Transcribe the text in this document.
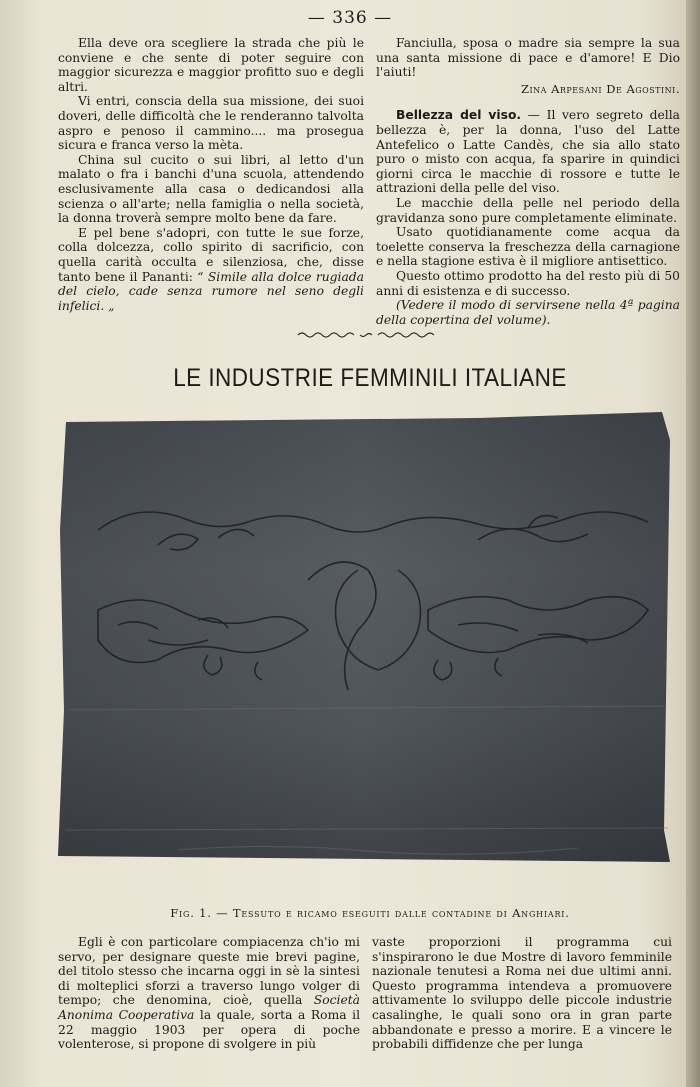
— 336 —

Ella deve ora scegliere la strada che più le conviene e che sente di poter seguire con maggior sicurezza e maggior profitto suo e degli altri.

Vi entri, conscia della sua missione, dei suoi doveri, delle difficoltà che le renderanno talvolta aspro e penoso il cammino.... ma prosegua sicura e franca verso la mèta.

China sul cucito o sui libri, al letto d'un malato o fra i banchi d'una scuola, attendendo esclusivamente alla casa o dedicandosi alla scienza o all'arte; nella famiglia o nella società, la donna troverà sempre molto bene da fare.

E pel bene s'adopri, con tutte le sue forze, colla dolcezza, collo spirito di sacrificio, con quella carità occulta e silenziosa, che, disse tanto bene il Pananti: “ Simile alla dolce rugiada del cielo, cade senza rumore nel seno degli infelici. „

Fanciulla, sposa o madre sia sempre la sua una santa missione di pace e d'amore! E Dio l'aiuti!

Zina Arpesani De Agostini.

Bellezza del viso. — Il vero segreto della bellezza è, per la donna, l'uso del Latte Antefelico o Latte Candès, che sia allo stato puro o misto con acqua, fa sparire in quindici giorni circa le macchie di rossore e tutte le attrazioni della pelle del viso.

Le macchie della pelle nel periodo della gravidanza sono pure completamente eliminate.

Usato quotidianamente come acqua da toelette conserva la freschezza della carnagione e nella stagione estiva è il migliore antisettico.

Questo ottimo prodotto ha del resto più di 50 anni di esistenza e di successo.

(Vedere il modo di servirsene nella 4ª pagina della copertina del volume).

LE INDUSTRIE FEMMINILI ITALIANE
Fig. 1. — Tessuto e ricamo eseguiti dalle contadine di Anghiari.

Egli è con particolare compiacenza ch'io mi servo, per designare queste mie brevi pagine, del titolo stesso che incarna oggi in sè la sintesi di molteplici sforzi a traverso lungo volger di tempo; che denomina, cioè, quella Società Anonima Cooperativa la quale, sorta a Roma il 22 maggio 1903 per opera di poche volenterose, si propone di svolgere in più

vaste proporzioni il programma cui s'inspirarono le due Mostre di lavoro femminile nazionale tenutesi a Roma nei due ultimi anni. Questo programma intendeva a promuovere attivamente lo sviluppo delle piccole industrie casalinghe, le quali sono ora in gran parte abbandonate e presso a morire. E a vincere le probabili diffidenze che per lunga
